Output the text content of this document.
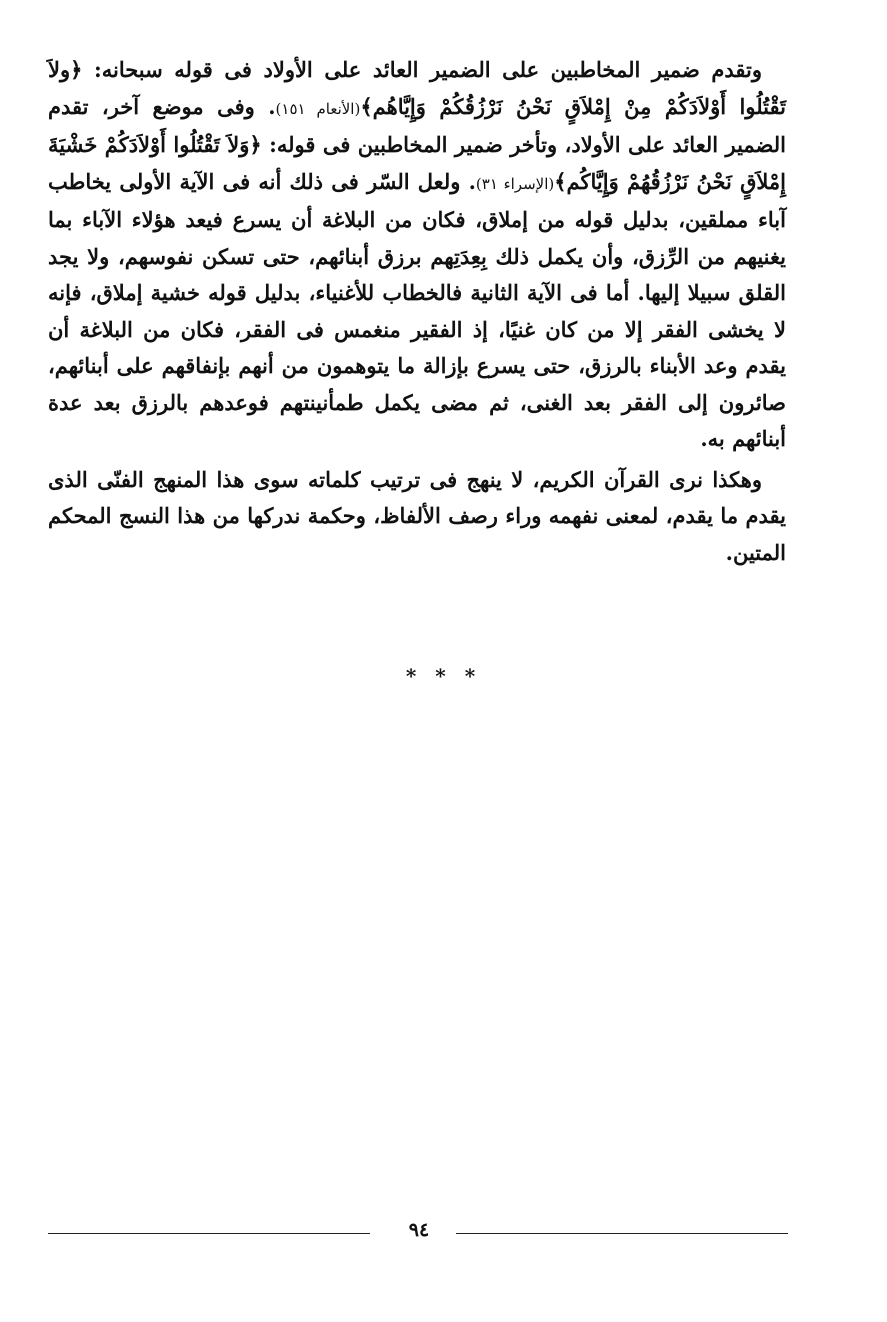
وتقدم ضمير المخاطبين على الضمير العائد على الأولاد فى قوله سبحانه: ﴿ولاَ تَقْتُلُوا أَوْلاَدَكُمْ مِنْ إِمْلاَقٍ نَحْنُ نَرْزُقُكُمْ وَإِيَّاهُم﴾(الأنعام ١٥١). وفى موضع آخر، تقدم الضمير العائد على الأولاد، وتأخر ضمير المخاطبين فى قوله: ﴿وَلاَ تَقْتُلُوا أَوْلاَدَكُمْ خَشْيَةَ إِمْلاَقٍ نَحْنُ نَرْزُقُهُمْ وَإِيَّاكُم﴾(الإسراء ٣١). ولعل السّر فى ذلك أنه فى الآية الأولى يخاطب آباء مملقين، بدليل قوله من إملاق، فكان من البلاغة أن يسرع فيعد هؤلاء الآباء بما يغنيهم من الرِّزق، وأن يكمل ذلك بِعِدَتِهم برزق أبنائهم، حتى تسكن نفوسهم، ولا يجد القلق سبيلا إليها. أما فى الآية الثانية فالخطاب للأغنياء، بدليل قوله خشية إملاق، فإنه لا يخشى الفقر إلا من كان غنيًا، إذ الفقير منغمس فى الفقر، فكان من البلاغة أن يقدم وعد الأبناء بالرزق، حتى يسرع بإزالة ما يتوهمون من أنهم بإنفاقهم على أبنائهم، صائرون إلى الفقر بعد الغنى، ثم مضى يكمل طمأنينتهم فوعدهم بالرزق بعد عدة أبنائهم به.

وهكذا نرى القرآن الكريم، لا ينهج فى ترتيب كلماته سوى هذا المنهج الفنّى الذى يقدم ما يقدم، لمعنى نفهمه وراء رصف الألفاظ، وحكمة ندركها من هذا النسج المحكم المتين.

* * *
٩٤
